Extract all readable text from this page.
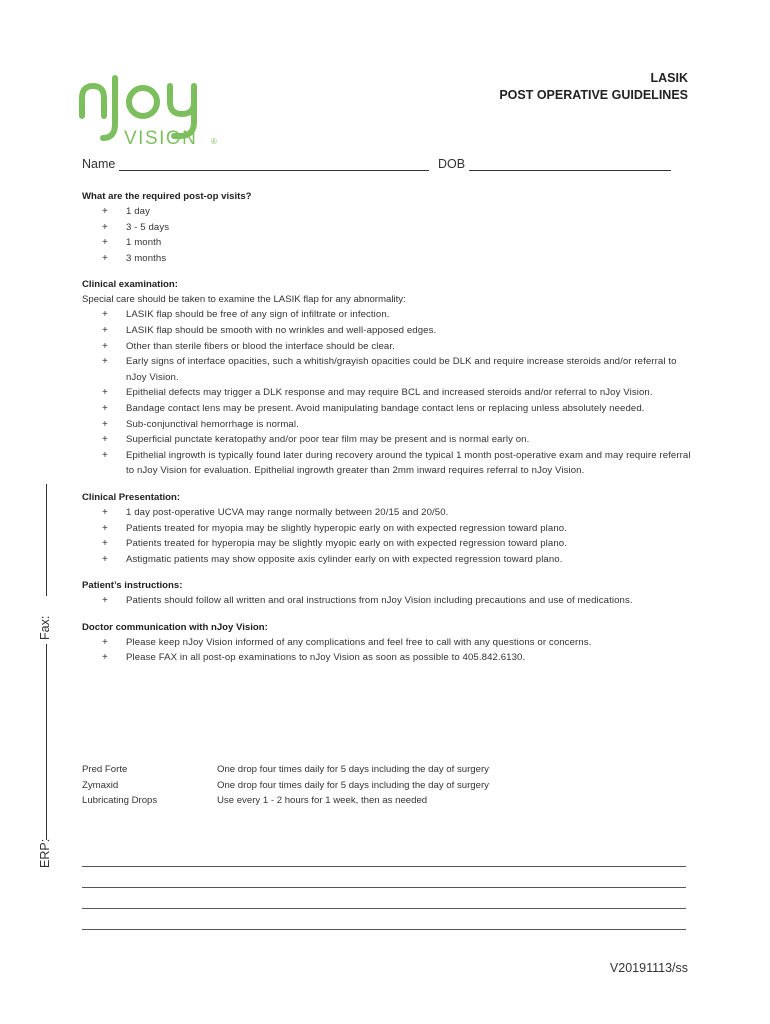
VISION ®
LASIK
POST OPERATIVE GUIDELINES
Name	DOB
ERP:
Fax:
What are the required post-op visits?
+ 1 day
+ 3 - 5 days
+ 1 month
+ 3 months
Clinical examination:
Special care should be taken to examine the LASIK flap for any abnormality:
+ LASIK flap should be free of any sign of infiltrate or infection.
+ LASIK flap should be smooth with no wrinkles and well-apposed edges.
+ Other than sterile fibers or blood the interface should be clear.
+ Early signs of interface opacities, such a whitish/grayish opacities could be DLK and require increase steroids and/or referral to nJoy Vision.
+ Epithelial defects may trigger a DLK response and may require BCL and increased steroids and/or referral to nJoy Vision.
+ Bandage contact lens may be present. Avoid manipulating bandage contact lens or replacing unless absolutely needed.
+ Sub-conjunctival hemorrhage is normal.
+ Superficial punctate keratopathy and/or poor tear film may be present and is normal early on.
+ Epithelial ingrowth is typically found later during recovery around the typical 1 month post-operative exam and may require referral to nJoy Vision for evaluation. Epithelial ingrowth greater than 2mm inward requires referral to nJoy Vision.
Clinical Presentation:
+ 1 day post-operative UCVA may range normally between 20/15 and 20/50.
+ Patients treated for myopia may be slightly hyperopic early on with expected regression toward plano.
+ Patients treated for hyperopia may be slightly myopic early on with expected regression toward plano.
+ Astigmatic patients may show opposite axis cylinder early on with expected regression toward plano.
Patient’s instructions:
+ Patients should follow all written and oral instructions from nJoy Vision including precautions and use of medications.
Doctor communication with nJoy Vision:
+ Please keep nJoy Vision informed of any complications and feel free to call with any questions or concerns.
+ Please FAX in all post-op examinations to nJoy Vision as soon as possible to 405.842.6130.
Pred Forte	One drop four times daily for 5 days including the day of surgery
Zymaxid	One drop four times daily for 5 days including the day of surgery
Lubricating Drops	Use every 1 - 2 hours for 1 week, then as needed
V20191113/ss
